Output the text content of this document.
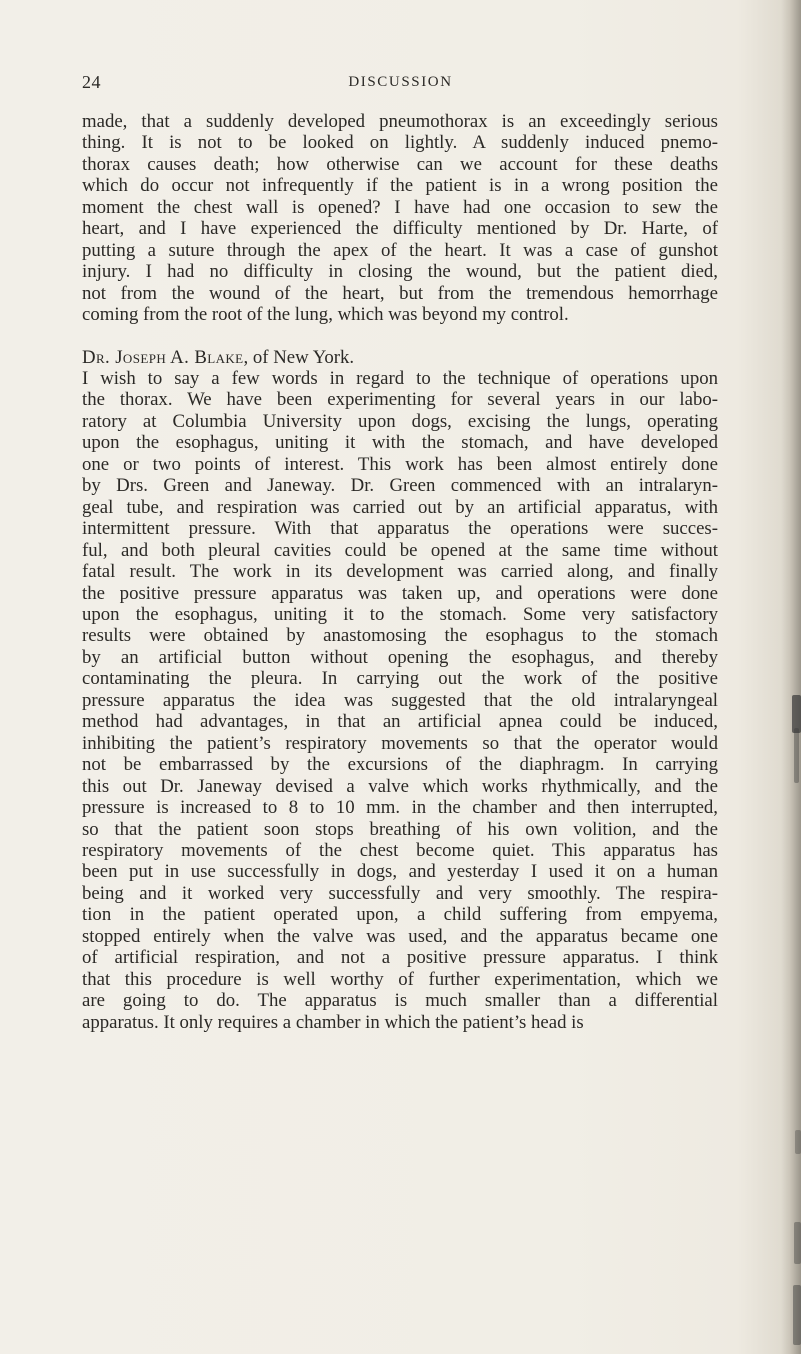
24	DISCUSSION
made, that a suddenly developed pneumothorax is an exceedingly serious
thing. It is not to be looked on lightly. A suddenly induced pnemo-
thorax causes death; how otherwise can we account for these deaths
which do occur not infrequently if the patient is in a wrong position the
moment the chest wall is opened? I have had one occasion to sew the
heart, and I have experienced the difficulty mentioned by Dr. Harte, of
putting a suture through the apex of the heart. It was a case of gunshot
injury. I had no difficulty in closing the wound, but the patient died,
not from the wound of the heart, but from the tremendous hemorrhage
coming from the root of the lung, which was beyond my control.
Dr. Joseph A. Blake, of New York.
I wish to say a few words in regard to the technique of operations upon
the thorax. We have been experimenting for several years in our labo-
ratory at Columbia University upon dogs, excising the lungs, operating
upon the esophagus, uniting it with the stomach, and have developed
one or two points of interest. This work has been almost entirely done
by Drs. Green and Janeway. Dr. Green commenced with an intralaryn-
geal tube, and respiration was carried out by an artificial apparatus, with
intermittent pressure. With that apparatus the operations were succes-
ful, and both pleural cavities could be opened at the same time without
fatal result. The work in its development was carried along, and finally
the positive pressure apparatus was taken up, and operations were done
upon the esophagus, uniting it to the stomach. Some very satisfactory
results were obtained by anastomosing the esophagus to the stomach
by an artificial button without opening the esophagus, and thereby
contaminating the pleura. In carrying out the work of the positive
pressure apparatus the idea was suggested that the old intralaryngeal
method had advantages, in that an artificial apnea could be induced,
inhibiting the patient’s respiratory movements so that the operator would
not be embarrassed by the excursions of the diaphragm. In carrying
this out Dr. Janeway devised a valve which works rhythmically, and the
pressure is increased to 8 to 10 mm. in the chamber and then interrupted,
so that the patient soon stops breathing of his own volition, and the
respiratory movements of the chest become quiet. This apparatus has
been put in use successfully in dogs, and yesterday I used it on a human
being and it worked very successfully and very smoothly. The respira-
tion in the patient operated upon, a child suffering from empyema,
stopped entirely when the valve was used, and the apparatus became one
of artificial respiration, and not a positive pressure apparatus. I think
that this procedure is well worthy of further experimentation, which we
are going to do. The apparatus is much smaller than a differential
apparatus. It only requires a chamber in which the patient’s head is
